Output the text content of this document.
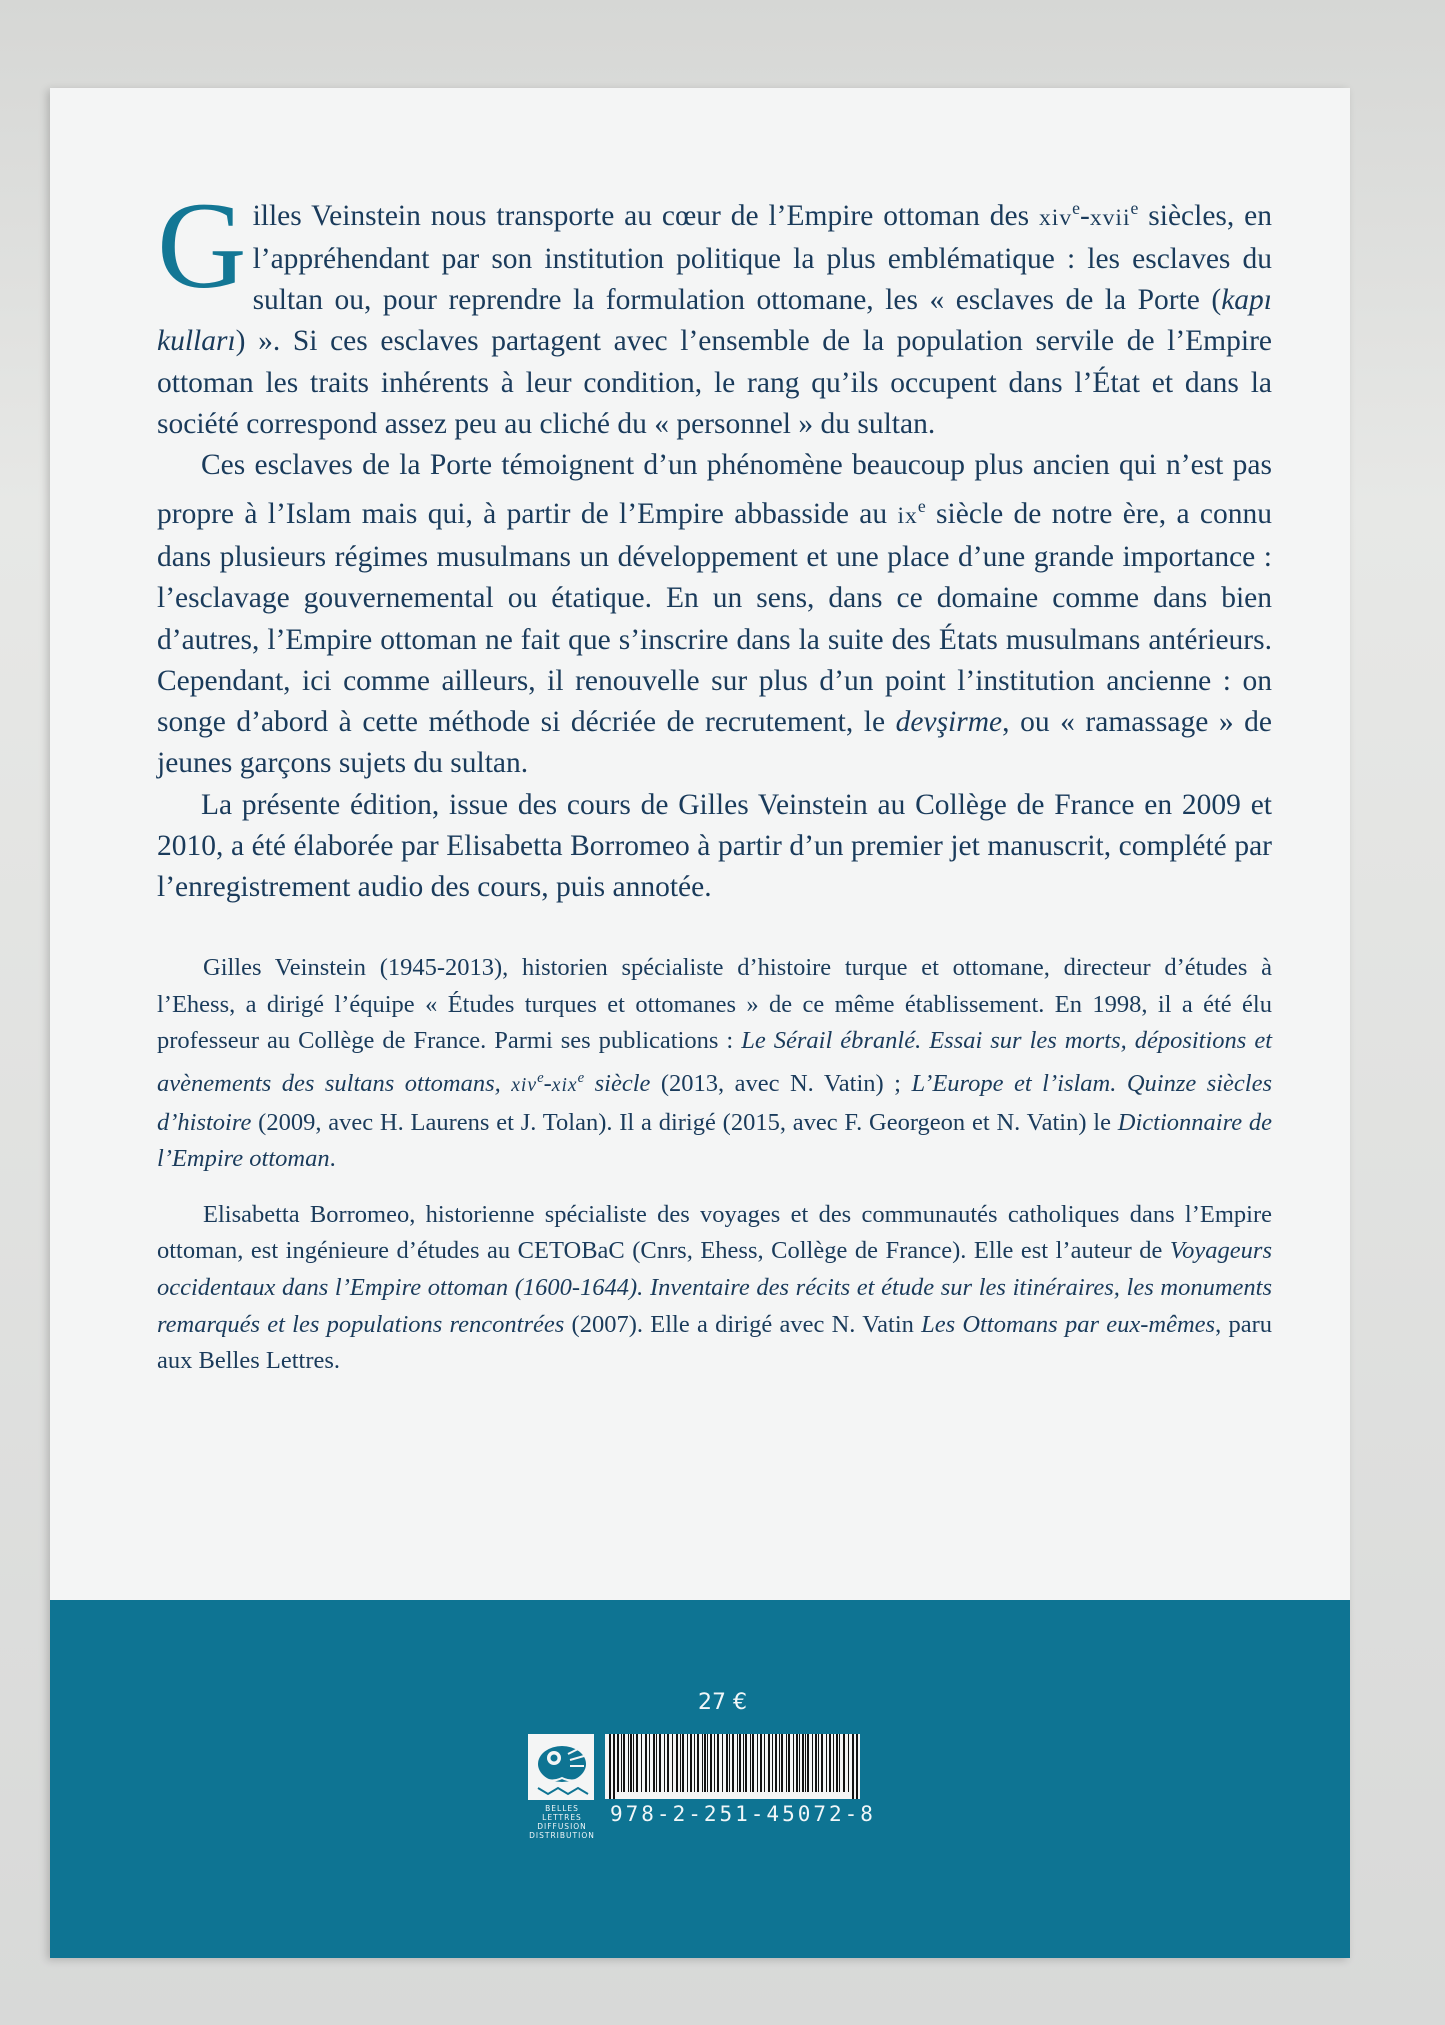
G illes Veinstein nous transporte au cœur de l’Empire ottoman des xiv$^e$-xvii$^e$ siècles, en l’appréhendant par son institution politique la plus emblématique : les esclaves du sultan ou, pour reprendre la formulation ottomane, les « esclaves de la Porte (kapı kulları) ». Si ces esclaves partagent avec l’ensemble de la population servile de l’Empire ottoman les traits inhérents à leur condition, le rang qu’ils occupent dans l’État et dans la société correspond assez peu au cliché du « personnel » du sultan.

Ces esclaves de la Porte témoignent d’un phénomène beaucoup plus ancien qui n’est pas propre à l’Islam mais qui, à partir de l’Empire abbasside au $ix^e$ siècle de notre ère, a connu dans plusieurs régimes musulmans un développement et une place d’une grande importance : l’esclavage gouvernemental ou étatique. En un sens, dans ce domaine comme dans bien d’autres, l’Empire ottoman ne fait que s’inscrire dans la suite des États musulmans antérieurs. Cependant, ici comme ailleurs, il renouvelle sur plus d’un point l’institution ancienne : on songe d’abord à cette méthode si décriée de recrutement, le devşirme, ou « ramassage » de jeunes garçons sujets du sultan.

La présente édition, issue des cours de Gilles Veinstein au Collège de France en 2009 et 2010, a été élaborée par Elisabetta Borromeo à partir d’un premier jet manuscrit, complété par l’enregistrement audio des cours, puis annotée.

Gilles Veinstein (1945-2013), historien spécialiste d’histoire turque et ottomane, directeur d’études à l’Ehess, a dirigé l’équipe « Études turques et ottomanes » de ce même établissement. En 1998, il a été élu professeur au Collège de France. Parmi ses publications : Le Sérail ébranlé. Essai sur les morts, dépositions et avènements des sultans ottomans, xiv$^e$-xix$^e$ siècle (2013, avec N. Vatin) ; L’Europe et l’islam. Quinze siècles d’histoire (2009, avec H. Laurens et J. Tolan). Il a dirigé (2015, avec F. Georgeon et N. Vatin) le Dictionnaire de l’Empire ottoman.

Elisabetta Borromeo, historienne spécialiste des voyages et des communautés catholiques dans l’Empire ottoman, est ingénieure d’études au CETOBaC (Cnrs, Ehess, Collège de France). Elle est l’auteur de Voyageurs occidentaux dans l’Empire ottoman (1600-1644). Inventaire des récits et étude sur les itinéraires, les monuments remarqués et les populations rencontrées (2007). Elle a dirigé avec N. Vatin Les Ottomans par eux-mêmes, paru aux Belles Lettres.

27 €
BELLES LETTRES
DIFFUSION
DISTRIBUTION
978-2-251-45072-8
